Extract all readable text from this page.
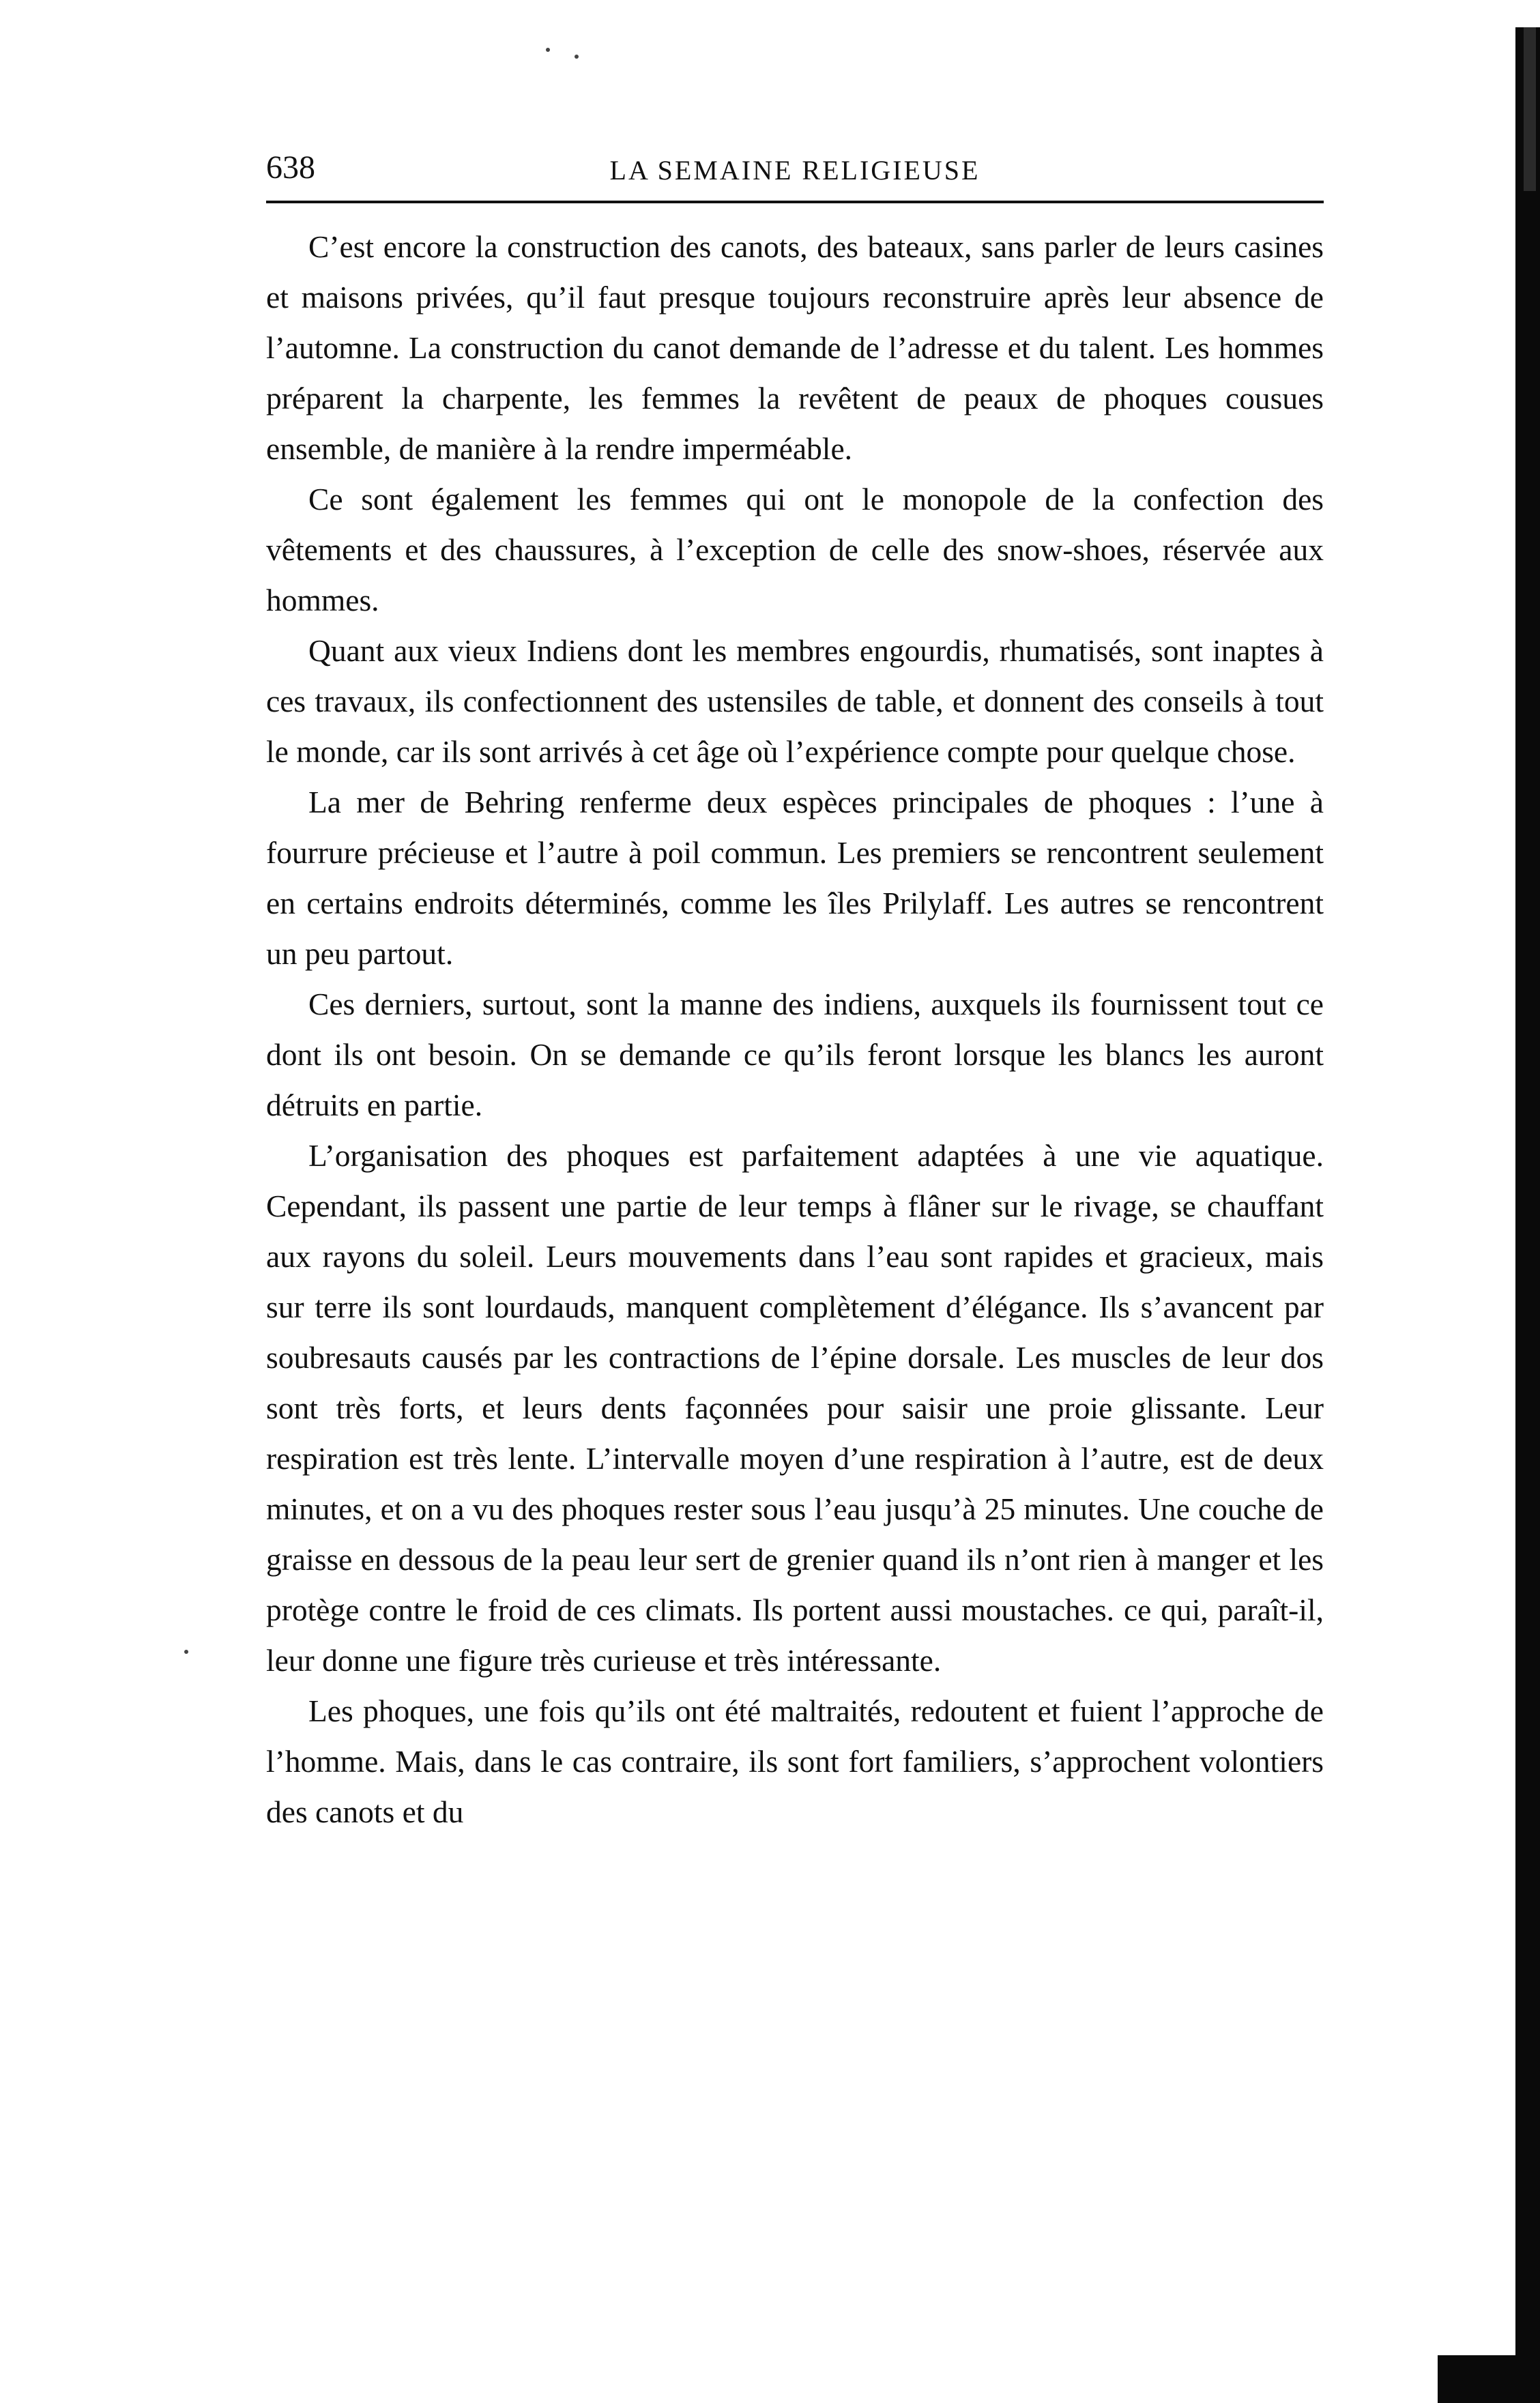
638	LA SEMAINE RELIGIEUSE

C’est encore la construction des canots, des bateaux, sans parler de leurs casines et maisons privées, qu’il faut presque toujours reconstruire après leur absence de l’automne. La construction du canot demande de l’adresse et du talent. Les hommes préparent la charpente, les femmes la revêtent de peaux de phoques cousues ensemble, de manière à la rendre imperméable.

Ce sont également les femmes qui ont le monopole de la confection des vêtements et des chaussures, à l’exception de celle des snow-shoes, réservée aux hommes.

Quant aux vieux Indiens dont les membres engourdis, rhumatisés, sont inaptes à ces travaux, ils confectionnent des ustensiles de table, et donnent des conseils à tout le monde, car ils sont arrivés à cet âge où l’expérience compte pour quelque chose.

La mer de Behring renferme deux espèces principales de phoques : l’une à fourrure précieuse et l’autre à poil commun. Les premiers se rencontrent seulement en certains endroits déterminés, comme les îles Prilylaff. Les autres se rencontrent un peu partout.

Ces derniers, surtout, sont la manne des indiens, auxquels ils fournissent tout ce dont ils ont besoin. On se demande ce qu’ils feront lorsque les blancs les auront détruits en partie.

L’organisation des phoques est parfaitement adaptées à une vie aquatique. Cependant, ils passent une partie de leur temps à flâner sur le rivage, se chauffant aux rayons du soleil. Leurs mouvements dans l’eau sont rapides et gracieux, mais sur terre ils sont lourdauds, manquent complètement d’élégance. Ils s’avancent par soubresauts causés par les contractions de l’épine dorsale. Les muscles de leur dos sont très forts, et leurs dents façonnées pour saisir une proie glissante. Leur respiration est très lente. L’intervalle moyen d’une respiration à l’autre, est de deux minutes, et on a vu des phoques rester sous l’eau jusqu’à 25 minutes. Une couche de graisse en dessous de la peau leur sert de grenier quand ils n’ont rien à manger et les protège contre le froid de ces climats. Ils portent aussi moustaches. ce qui, paraît-il, leur donne une figure très curieuse et très intéressante.

Les phoques, une fois qu’ils ont été maltraités, redoutent et fuient l’approche de l’homme. Mais, dans le cas contraire, ils sont fort familiers, s’approchent volontiers des canots et du
